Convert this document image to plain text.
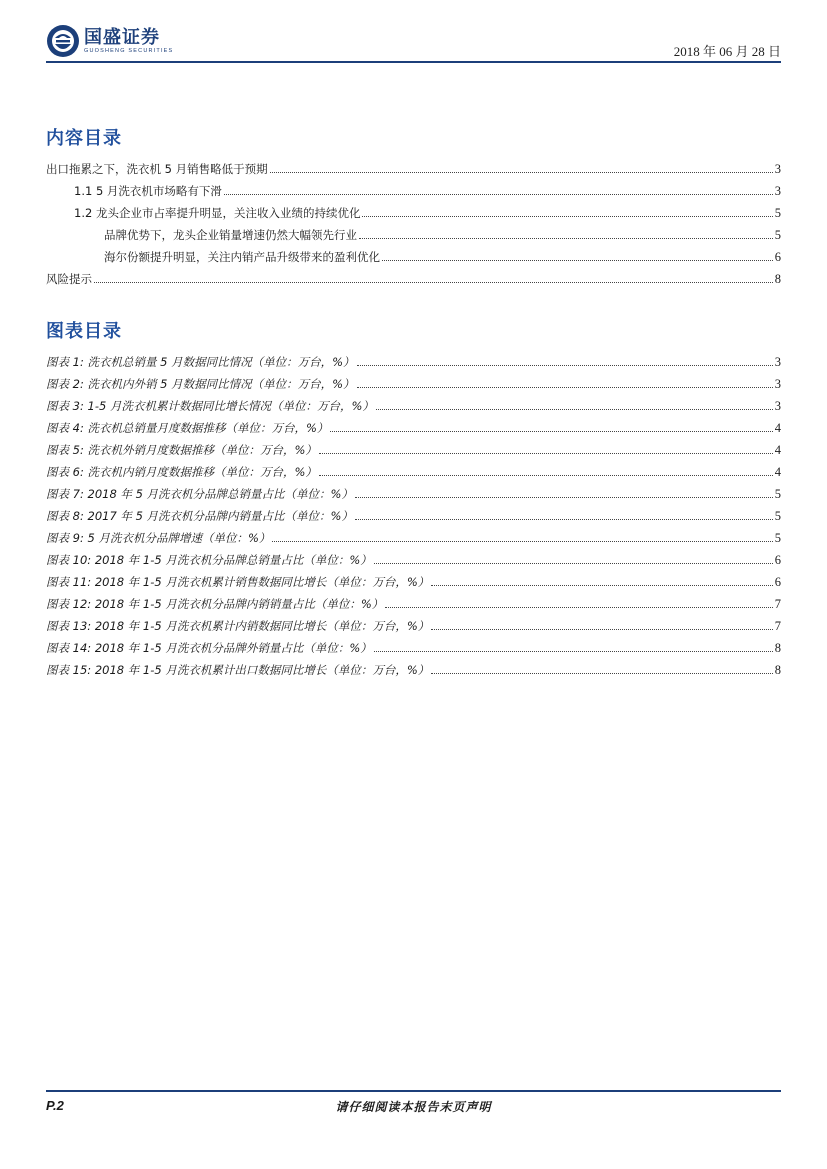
国盛证券
GUOSHENG SECURITIES	2018 年 06 月 28 日
内容目录
出口拖累之下，洗衣机 5 月销售略低于预期	3
1.1 5 月洗衣机市场略有下滑	3
1.2 龙头企业市占率提升明显，关注收入业绩的持续优化	5
品牌优势下，龙头企业销量增速仍然大幅领先行业	5
海尔份额提升明显，关注内销产品升级带来的盈利优化	6
风险提示	8
图表目录
图表 1: 洗衣机总销量 5 月数据同比情况（单位：万台，%）	3
图表 2: 洗衣机内外销 5 月数据同比情况（单位：万台，%）	3
图表 3: 1-5 月洗衣机累计数据同比增长情况（单位：万台，%）	3
图表 4: 洗衣机总销量月度数据推移（单位：万台，%）	4
图表 5: 洗衣机外销月度数据推移（单位：万台，%）	4
图表 6: 洗衣机内销月度数据推移（单位：万台，%）	4
图表 7: 2018 年 5 月洗衣机分品牌总销量占比（单位：%）	5
图表 8: 2017 年 5 月洗衣机分品牌内销量占比（单位：%）	5
图表 9: 5 月洗衣机分品牌增速（单位：%）	5
图表 10: 2018 年 1-5 月洗衣机分品牌总销量占比（单位：%）	6
图表 11: 2018 年 1-5 月洗衣机累计销售数据同比增长（单位：万台，%）	6
图表 12: 2018 年 1-5 月洗衣机分品牌内销销量占比（单位：%）	7
图表 13: 2018 年 1-5 月洗衣机累计内销数据同比增长（单位：万台，%）	7
图表 14: 2018 年 1-5 月洗衣机分品牌外销量占比（单位：%）	8
图表 15: 2018 年 1-5 月洗衣机累计出口数据同比增长（单位：万台，%）	8
P.2	请仔细阅读本报告末页声明
